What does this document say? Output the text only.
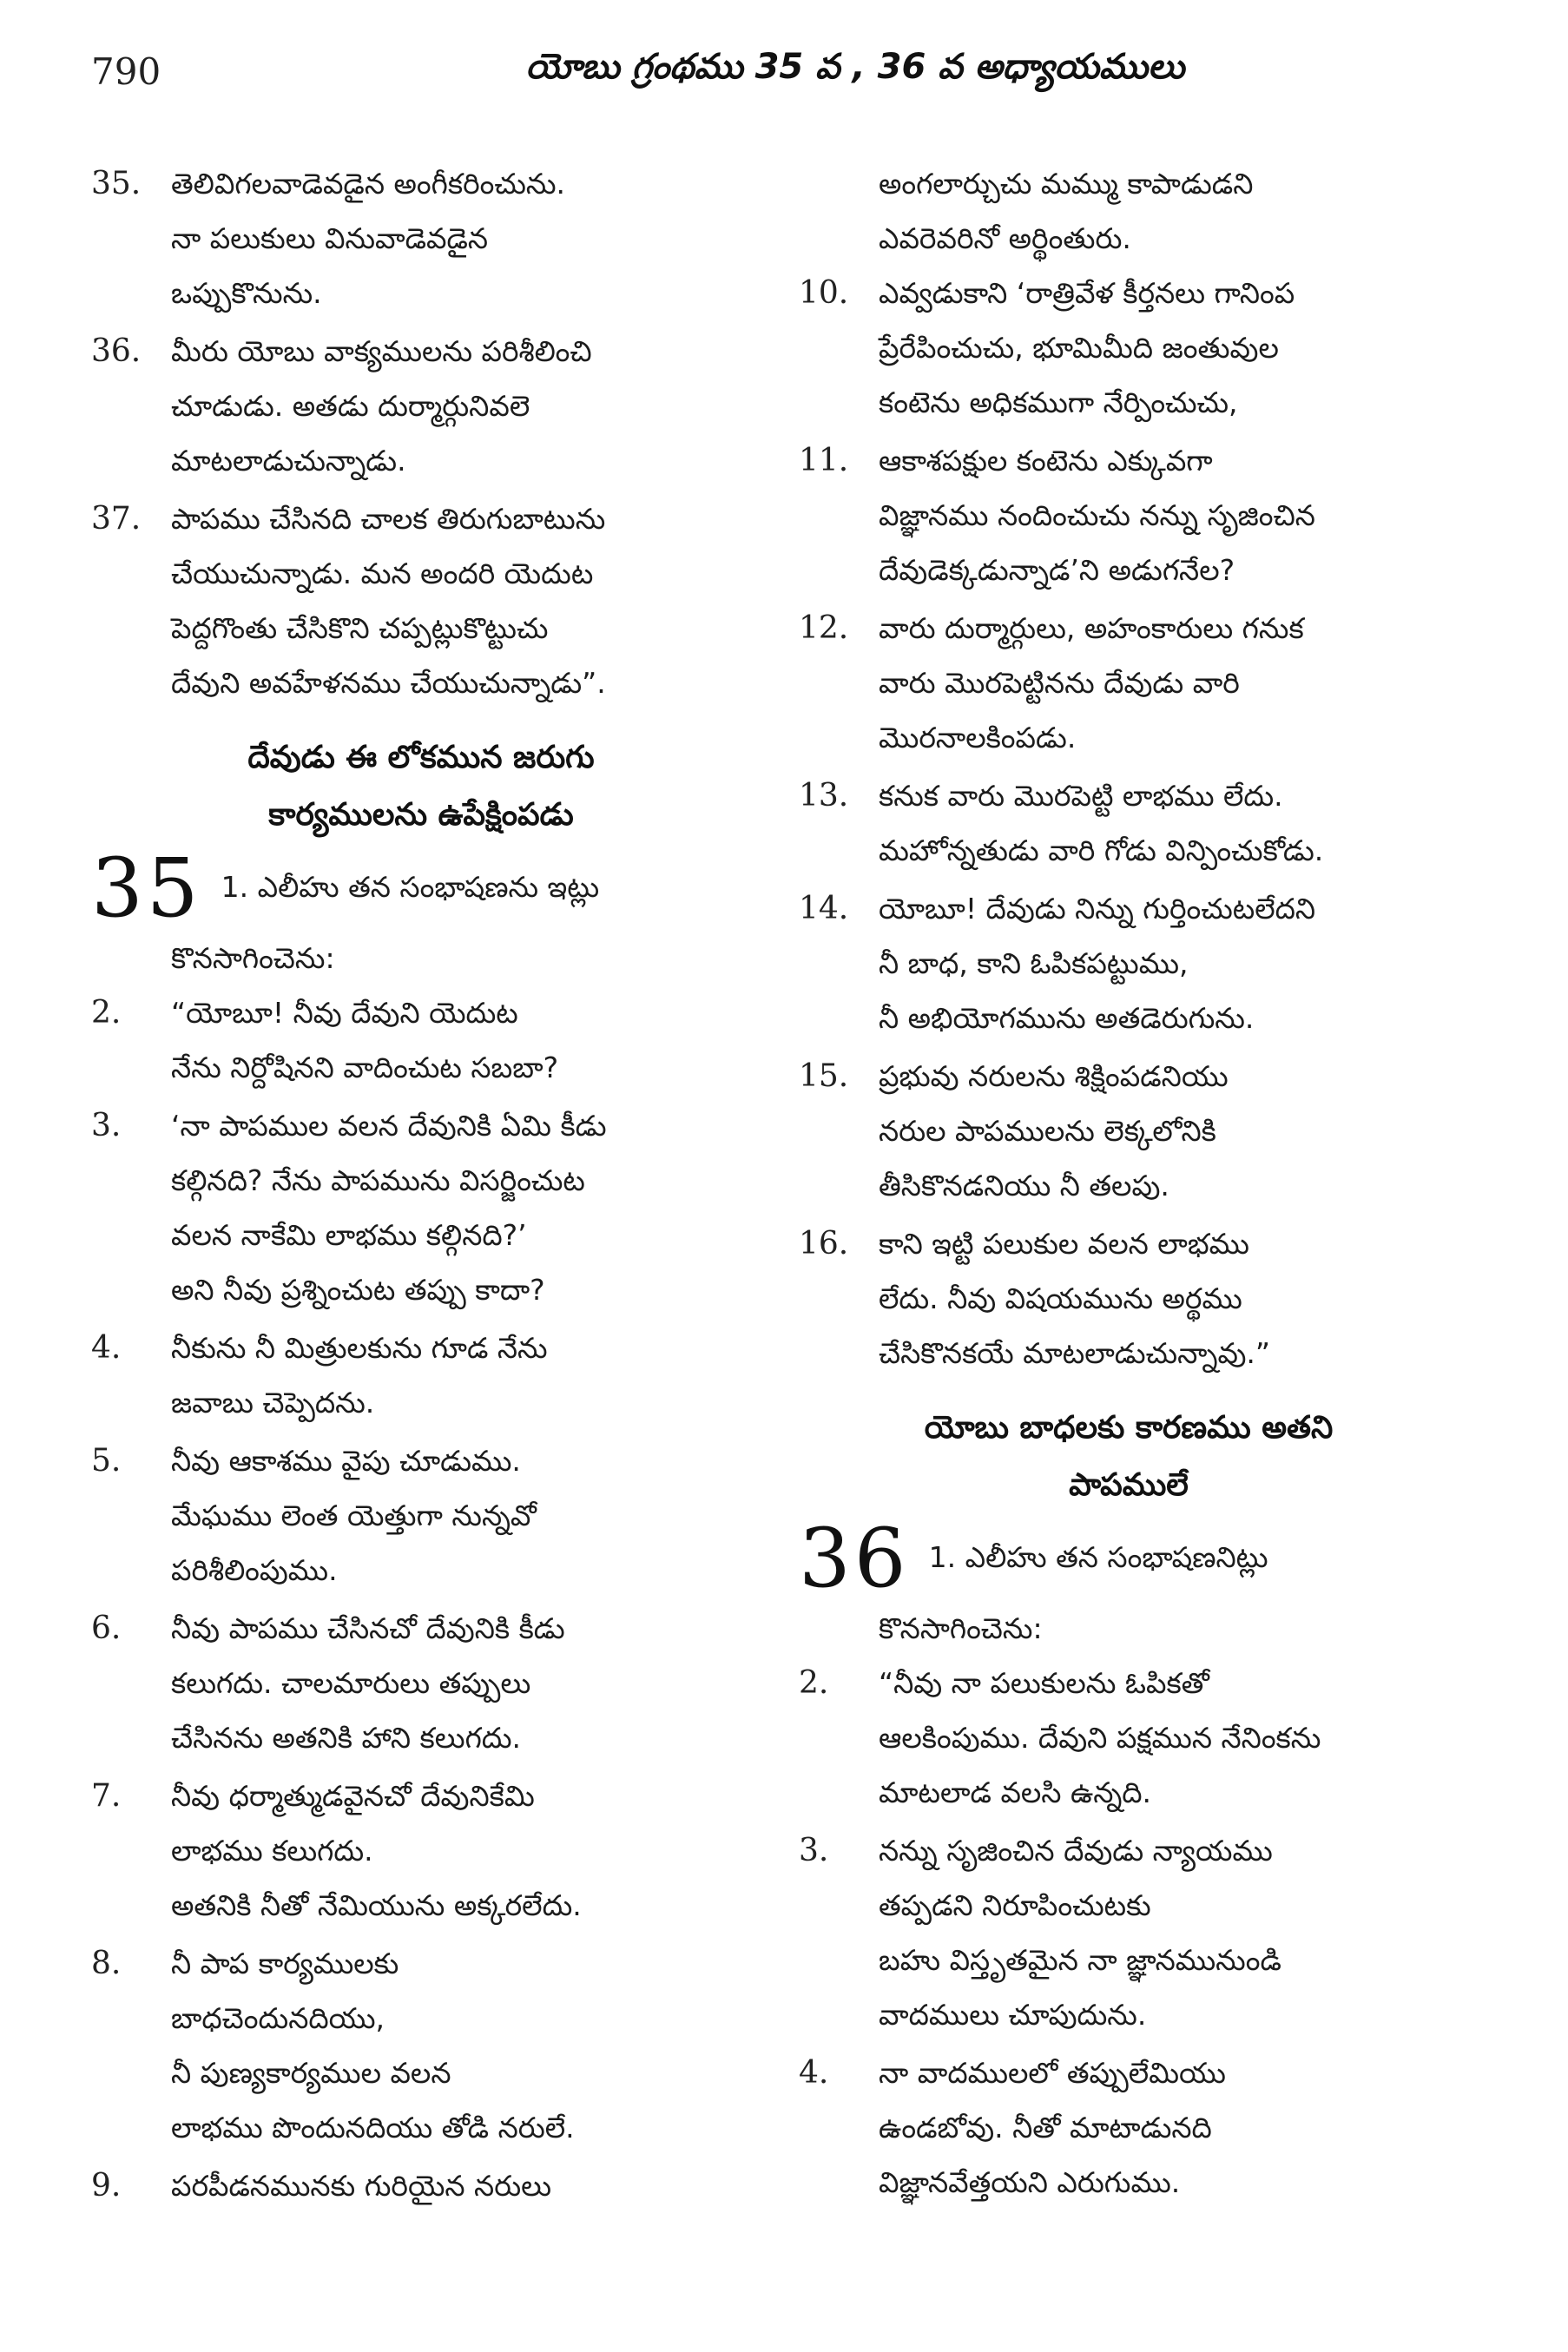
790	యోబు గ్రంథము 35 వ , 36 వ అధ్యాయములు
35.	తెలివిగలవాడెవడైన అంగీకరించును.
నా పలుకులు వినువాడెవడైన
ఒప్పుకొనును.
36.	మీరు యోబు వాక్యములను పరిశీలించి
చూడుడు. అతడు దుర్మార్గునివలె
మాటలాడుచున్నాడు.
37.	పాపము చేసినది చాలక తిరుగుబాటును
చేయుచున్నాడు. మన అందరి యెదుట
పెద్దగొంతు చేసికొని చప్పట్లుకొట్టుచు
దేవుని అవహేళనము చేయుచున్నాడు”.
దేవుడు ఈ లోకమున జరుగు
కార్యములను ఉపేక్షింపడు
35 1. ఎలీహు తన సంభాషణను ఇట్లు
కొనసాగించెను:
2.	“యోబూ! నీవు దేవుని యెదుట
నేను నిర్దోషినని వాదించుట సబబా?
3.	‘నా పాపముల వలన దేవునికి ఏమి కీడు
కల్గినది? నేను పాపమును విసర్జించుట
వలన నాకేమి లాభము కల్గినది?’
అని నీవు ప్రశ్నించుట తప్పు కాదా?
4.	నీకును నీ మిత్రులకును గూడ నేను
జవాబు చెప్పెదను.
5.	నీవు ఆకాశము వైపు చూడుము.
మేఘము లెంత యెత్తుగా నున్నవో
పరిశీలింపుము.
6.	నీవు పాపము చేసినచో దేవునికి కీడు
కలుగదు. చాలమారులు తప్పులు
చేసినను అతనికి హాని కలుగదు.
7.	నీవు ధర్మాత్ముడవైనచో దేవునికేమి
లాభము కలుగదు.
అతనికి నీతో నేమియును అక్కరలేదు.
8.	నీ పాప కార్యములకు
బాధచెందునదియు,
నీ పుణ్యకార్యముల వలన
లాభము పొందునదియు తోడి నరులే.
9.	పరపీడనమునకు గురియైన నరులు
అంగలార్చుచు మమ్ము కాపాడుడని
ఎవరెవరినో అర్థింతురు.
10.	ఎవ్వడుకాని ‘రాత్రివేళ కీర్తనలు గానింప
ప్రేరేపించుచు, భూమిమీది జంతువుల
కంటెను అధికముగా నేర్పించుచు,
11.	ఆకాశపక్షుల కంటెను ఎక్కువగా
విజ్ఞానము నందించుచు నన్ను సృజించిన
దేవుడెక్కడున్నాడ’ని అడుగనేల?
12.	వారు దుర్మార్గులు, అహంకారులు గనుక
వారు మొరపెట్టినను దేవుడు వారి
మొరనాలకింపడు.
13.	కనుక వారు మొరపెట్టి లాభము లేదు.
మహోన్నతుడు వారి గోడు విన్పించుకోడు.
14.	యోబూ! దేవుడు నిన్ను గుర్తించుటలేదని
నీ బాధ, కాని ఓపికపట్టుము,
నీ అభియోగమును అతడెరుగును.
15.	ప్రభువు నరులను శిక్షింపడనియు
నరుల పాపములను లెక్కలోనికి
తీసికొనడనియు నీ తలపు.
16.	కాని ఇట్టి పలుకుల వలన లాభము
లేదు. నీవు విషయమును అర్థము
చేసికొనకయే మాటలాడుచున్నావు.”
యోబు బాధలకు కారణము అతని
పాపములే
36 1. ఎలీహు తన సంభాషణనిట్లు
కొనసాగించెను:
2.	“నీవు నా పలుకులను ఓపికతో
ఆలకింపుము. దేవుని పక్షమున నేనింకను
మాటలాడ వలసి ఉన్నది.
3.	నన్ను సృజించిన దేవుడు న్యాయము
తప్పడని నిరూపించుటకు
బహు విస్తృతమైన నా జ్ఞానమునుండి
వాదములు చూపుదును.
4.	నా వాదములలో తప్పులేమియు
ఉండబోవు. నీతో మాటాడునది
విజ్ఞానవేత్తయని ఎరుగుము.
